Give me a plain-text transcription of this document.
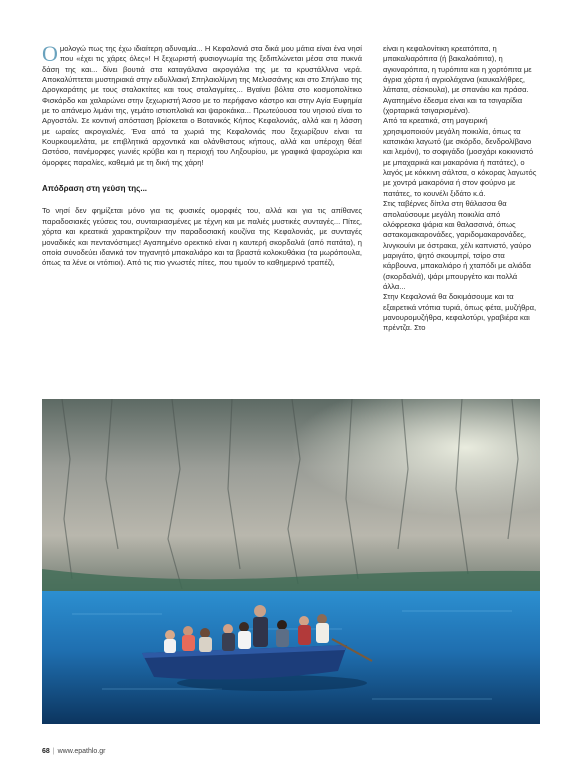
Ομολογώ πως της έχω ιδιαίτερη αδυναμία... Η Κεφαλονιά στα δικά μου μάτια είναι ένα νησί που «έχει τις χάρες όλες»! Η ξεχωριστή φυσιογνωμία της ξεδιπλώνεται μέσα στα πυκνά δάση της και... δίνει βουτιά στα καταγάλανα ακρογιάλια της με τα κρυστάλλινα νερά. Αποκαλύπτεται μυστηριακά στην ειδυλλιακή Σπηλαιολίμνη της Μελισσάνης και στο Σπήλαιο της Δρογκαράτης με τους σταλακτίτες και τους σταλαγμίτες... Βγαίνει βόλτα στο κοσμοπολίτικο Φισκάρδο και χαλαρώνει στην ξεχωριστή Άσσο με το περήφανο κάστρο και στην Αγία Ευφημία με το απάνεμο λιμάνι της, γεμάτο ιστιοπλοϊκά και ψαροκάικα... Πρωτεύουσα του νησιού είναι το Αργοστόλι. Σε κοντινή απόσταση βρίσκεται ο Βοτανικός Κήπος Κεφαλονιάς, αλλά και η λάσση με ωραίες ακρογιαλιές. Ένα από τα χωριά της Κεφαλονιάς που ξεχωρίζουν είναι τα Κουρκουμελάτα, με επιβλητικά αρχοντικά και ολάνθιστους κήπους, αλλά και υπέροχη θέα! Ωστόσο, πανέμορφες γωνιές κρύβει και η περιοχή του Ληξουρίου, με γραφικά ψαροχώρια και όμορφες παραλίες, καθεμιά με τη δική της χάρη!

Απόδραση στη γεύση της...

Το νησί δεν φημίζεται μόνο για τις φυσικές ομορφιές του, αλλά και για τις απίθανες παραδοσιακές γεύσεις του, συνταιριασμένες με τέχνη και με παλιές μυστικές συνταγές... Πίτες, χόρτα και κρεατικά χαρακτηρίζουν την παραδοσιακή κουζίνα της Κεφαλονιάς, με συνταγές μοναδικές και πεντανόστιμες! Αγαπημένο ορεκτικό είναι η καυτερή σκορδαλιά (από πατάτα), η οποία συνοδεύει ιδανικά τον τηγανητό μπακαλιάρο και τα βραστά κολοκυθάκια (τα μωρόπουλα, όπως τα λένε οι ντόπιοι). Από τις πιο γνωστές πίτες, που τιμούν το καθημερινό τραπέζι,

είναι η κεφαλονίτικη κρεατόπιτα, η μπακαλιαρόπιτα (ή βακαλαόπιτα), η αγκιναρόπιτα, η τυρόπιτα και η χορτόπιτα με άγρια χόρτα ή αγριολάχανα (καυκαλήθρες, λάπατα, σέσκουλα), με σπανάκι και πράσα. Αγαπημένο έδεσμα είναι και τα τσιγαρίδια (χορταρικά τσιγαρισμένα).

Από τα κρεατικά, στη μαγειρική χρησιμοποιούν μεγάλη ποικιλία, όπως τα κατσικάκι λαγωτό (με σκόρδο, δενδρολίβανο και λεμόνι), το σοφιγάδο (μοσχάρι κοκκινιστό με μπαχαρικά και μακαρόνια ή πατάτες), ο λαγός με κόκκινη σάλτσα, ο κόκορας λαγωτός με χοντρά μακαρόνια ή στον φούρνο με πατάτες, το κουνέλι ξιδάτο κ.ά.

Στις ταβέρνες δίπλα στη θάλασσα θα απολαύσουμε μεγάλη ποικιλία από ολόφρεσκα ψάρια και θαλασσινά, όπως αστακομακαρονάδες, γαριδομακαρονάδες, λινγκουίνι με όστρακα, χέλι καπνιστό, γαύρο μαριγάτο, ψητό σκουμπρί, τσίρο στα κάρβουνα, μπακαλιάρο ή χταπόδι με αλιάδα (σκορδαλιά), ψάρι μπουργέτο και πολλά άλλα...

Στην Κεφαλονιά θα δοκιμάσουμε και τα εξαιρετικά ντόπια τυριά, όπως φέτα, μυζήθρα, μανουρομυζήθρα, κεφαλοτύρι, γραβιέρα και πρέντζα. Στο

68 | www.epathlo.gr
